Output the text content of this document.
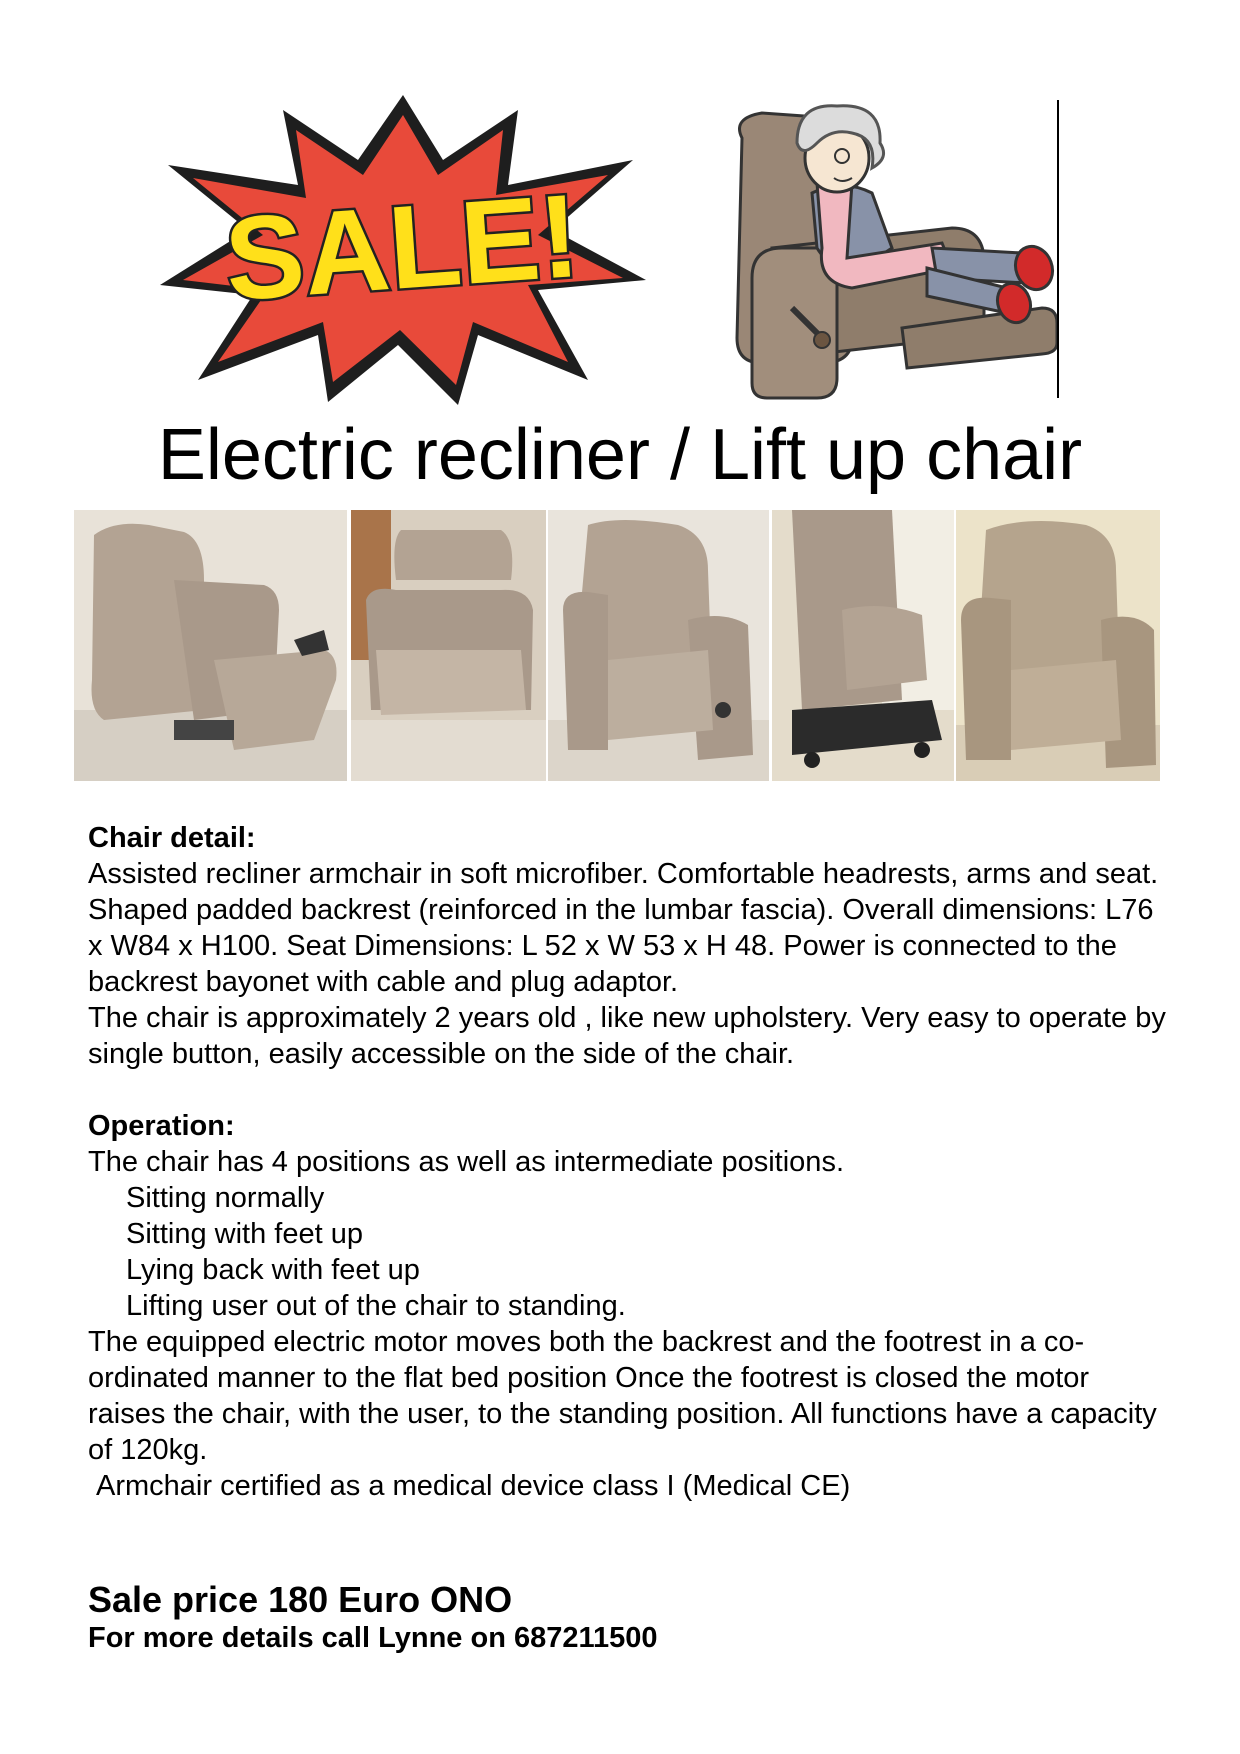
SALE!
Electric recliner / Lift up chair

Chair detail:

Assisted recliner armchair in soft microfiber. Comfortable headrests, arms and seat. Shaped padded backrest (reinforced in the lumbar fascia). Overall dimensions: L76 x W84 x H100. Seat Dimensions: L 52 x W 53 x H 48. Power is connected to the backrest bayonet with cable and plug adaptor.

The chair is approximately 2 years old , like new upholstery. Very easy to operate by single button, easily accessible on the side of the chair.

Operation:

The chair has 4 positions as well as intermediate positions.

Sitting normally

Sitting with feet up

Lying back with feet up

Lifting user out of the chair to standing.

The equipped electric motor moves both the backrest and the footrest in a co-ordinated manner to the flat bed position Once the footrest is closed the motor raises the chair, with the user, to the standing position. All functions have a capacity of 120kg.

Armchair certified as a medical device class I (Medical CE)

Sale price 180 Euro ONO

For more details call Lynne on 687211500
